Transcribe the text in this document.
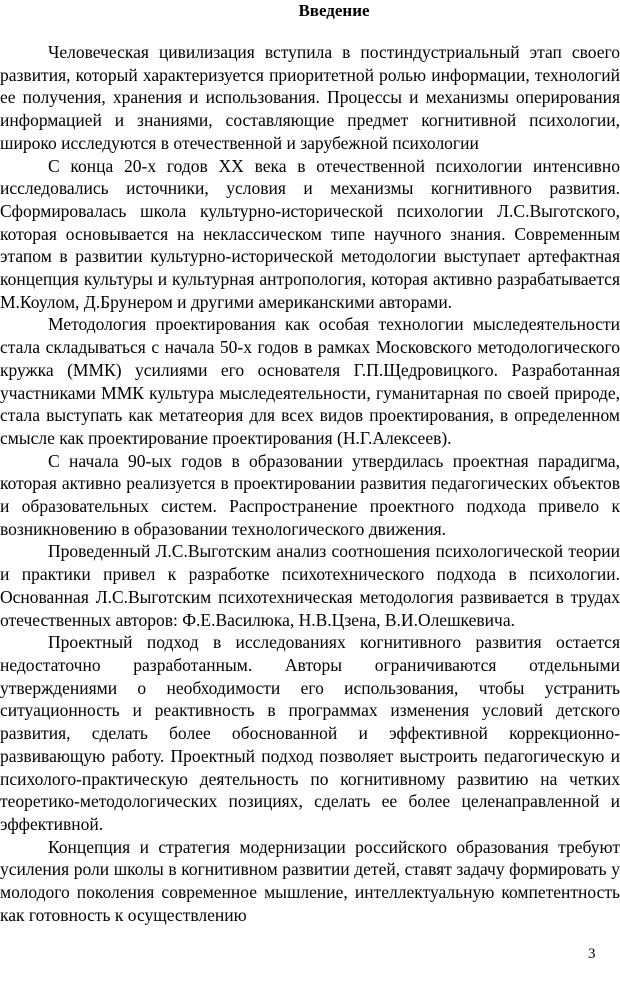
Введение

Человеческая цивилизация вступила в постиндустриальный этап своего развития, который характеризуется приоритетной ролью информации, технологий ее получения, хранения и использования. Процессы и механизмы оперирования информацией и знаниями, составляющие предмет когнитивной психологии, широко исследуются в отечественной и зарубежной психологии

С конца 20-х годов XX века в отечественной психологии интенсивно исследовались источники, условия и механизмы когнитивного развития. Сформировалась школа культурно-исторической психологии Л.С.Выготского, которая основывается на неклассическом типе научного знания. Современным этапом в развитии культурно-исторической методологии выступает артефактная концепция культуры и культурная антропология, которая активно разрабатывается М.Коулом, Д.Брунером и другими американскими авторами.

Методология проектирования как особая технологии мыследеятельности стала складываться с начала 50-х годов в рамках Московского методологического кружка (ММК) усилиями его основателя Г.П.Щедровицкого. Разработанная участниками ММК культура мыследеятельности, гуманитарная по своей природе, стала выступать как метатеория для всех видов проектирования, в определенном смысле как проектирование проектирования (Н.Г.Алексеев).

С начала 90-ых годов в образовании утвердилась проектная парадигма, которая активно реализуется в проектировании развития педагогических объектов и образовательных систем. Распространение проектного подхода привело к возникновению в образовании технологического движения.

Проведенный Л.С.Выготским анализ соотношения психологической теории и практики привел к разработке психотехнического подхода в психологии. Основанная Л.С.Выготским психотехническая методология развивается в трудах отечественных авторов: Ф.Е.Василюка, Н.В.Цзена, В.И.Олешкевича.

Проектный подход в исследованиях когнитивного развития остается недостаточно разработанным. Авторы ограничиваются отдельными утверждениями о необходимости его использования, чтобы устранить ситуационность и реактивность в программах изменения условий детского развития, сделать более обоснованной и эффективной коррекционно-развивающую работу. Проектный подход позволяет выстроить педагогическую и психолого-практическую деятельность по когнитивному развитию на четких теоретико-методологических позициях, сделать ее более целенаправленной и эффективной.

Концепция и стратегия модернизации российского образования требуют усиления роли школы в когнитивном развитии детей, ставят задачу формировать у молодого поколения современное мышление, интеллектуальную компетентность как готовность к осуществлению

3
